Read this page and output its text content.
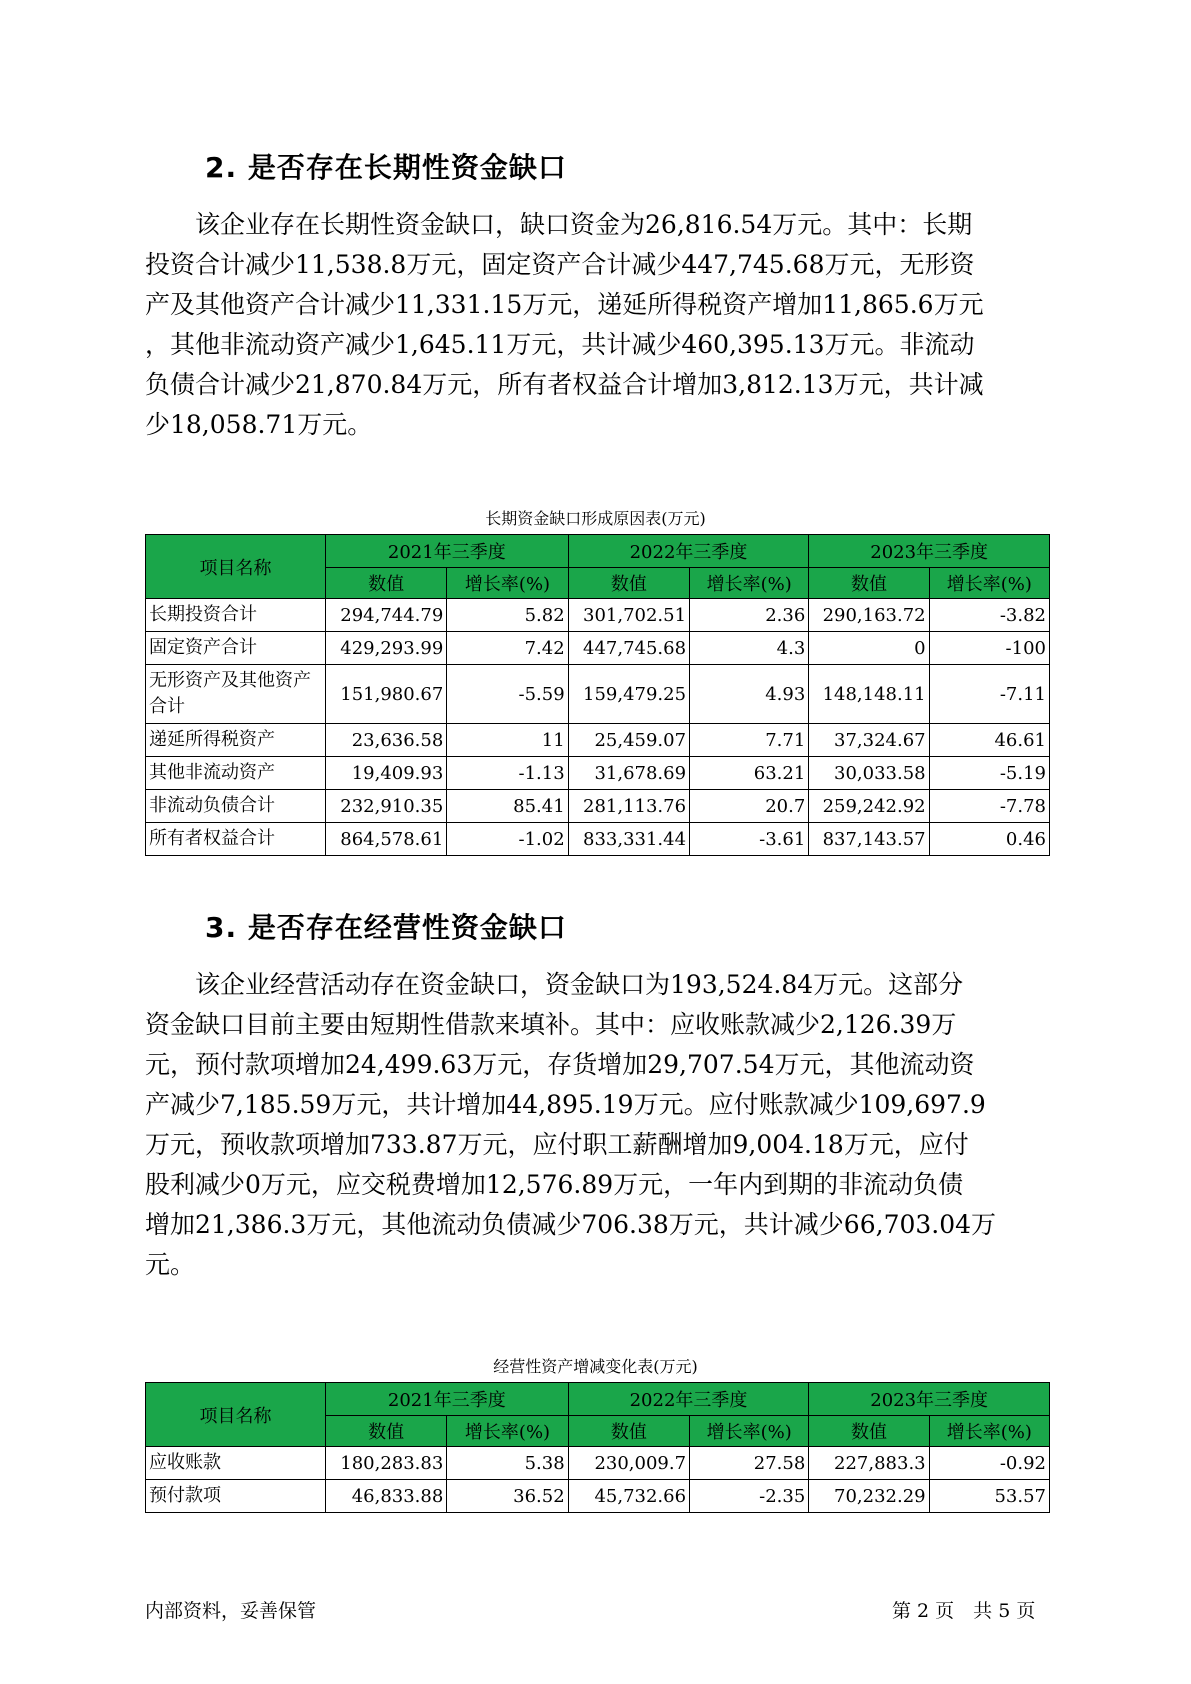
2. 是否存在长期性资金缺口

　　该企业存在长期性资金缺口，缺口资金为26,816.54万元。其中：长期

投资合计减少11,538.8万元，固定资产合计减少447,745.68万元，无形资

产及其他资产合计减少11,331.15万元，递延所得税资产增加11,865.6万元

，其他非流动资产减少1,645.11万元，共计减少460,395.13万元。非流动

负债合计减少21,870.84万元，所有者权益合计增加3,812.13万元，共计减

少18,058.71万元。

长期资金缺口形成原因表(万元)
项目名称	2021年三季度		2022年三季度		2023年三季度	
	数值	增长率(%)	数值	增长率(%)	数值	增长率(%)
长期投资合计	294,744.79	5.82	301,702.51	2.36	290,163.72	-3.82
固定资产合计	429,293.99	7.42	447,745.68	4.3	0	-100
无形资产及其他资产合计	151,980.67	-5.59	159,479.25	4.93	148,148.11	-7.11
递延所得税资产	23,636.58	11	25,459.07	7.71	37,324.67	46.61
其他非流动资产	19,409.93	-1.13	31,678.69	63.21	30,033.58	-5.19
非流动负债合计	232,910.35	85.41	281,113.76	20.7	259,242.92	-7.78
所有者权益合计	864,578.61	-1.02	833,331.44	-3.61	837,143.57	0.46
3. 是否存在经营性资金缺口

　　该企业经营活动存在资金缺口，资金缺口为193,524.84万元。这部分

资金缺口目前主要由短期性借款来填补。其中：应收账款减少2,126.39万

元，预付款项增加24,499.63万元，存货增加29,707.54万元，其他流动资

产减少7,185.59万元，共计增加44,895.19万元。应付账款减少109,697.9

万元，预收款项增加733.87万元，应付职工薪酬增加9,004.18万元，应付

股利减少0万元，应交税费增加12,576.89万元，一年内到期的非流动负债

增加21,386.3万元，其他流动负债减少706.38万元，共计减少66,703.04万

元。

经营性资产增减变化表(万元)
项目名称	2021年三季度		2022年三季度		2023年三季度	
	数值	增长率(%)	数值	增长率(%)	数值	增长率(%)
应收账款	180,283.83	5.38	230,009.7	27.58	227,883.3	-0.92
预付款项	46,833.88	36.52	45,732.66	-2.35	70,232.29	53.57
内部资料，妥善保管	第 2 页　共 5 页
